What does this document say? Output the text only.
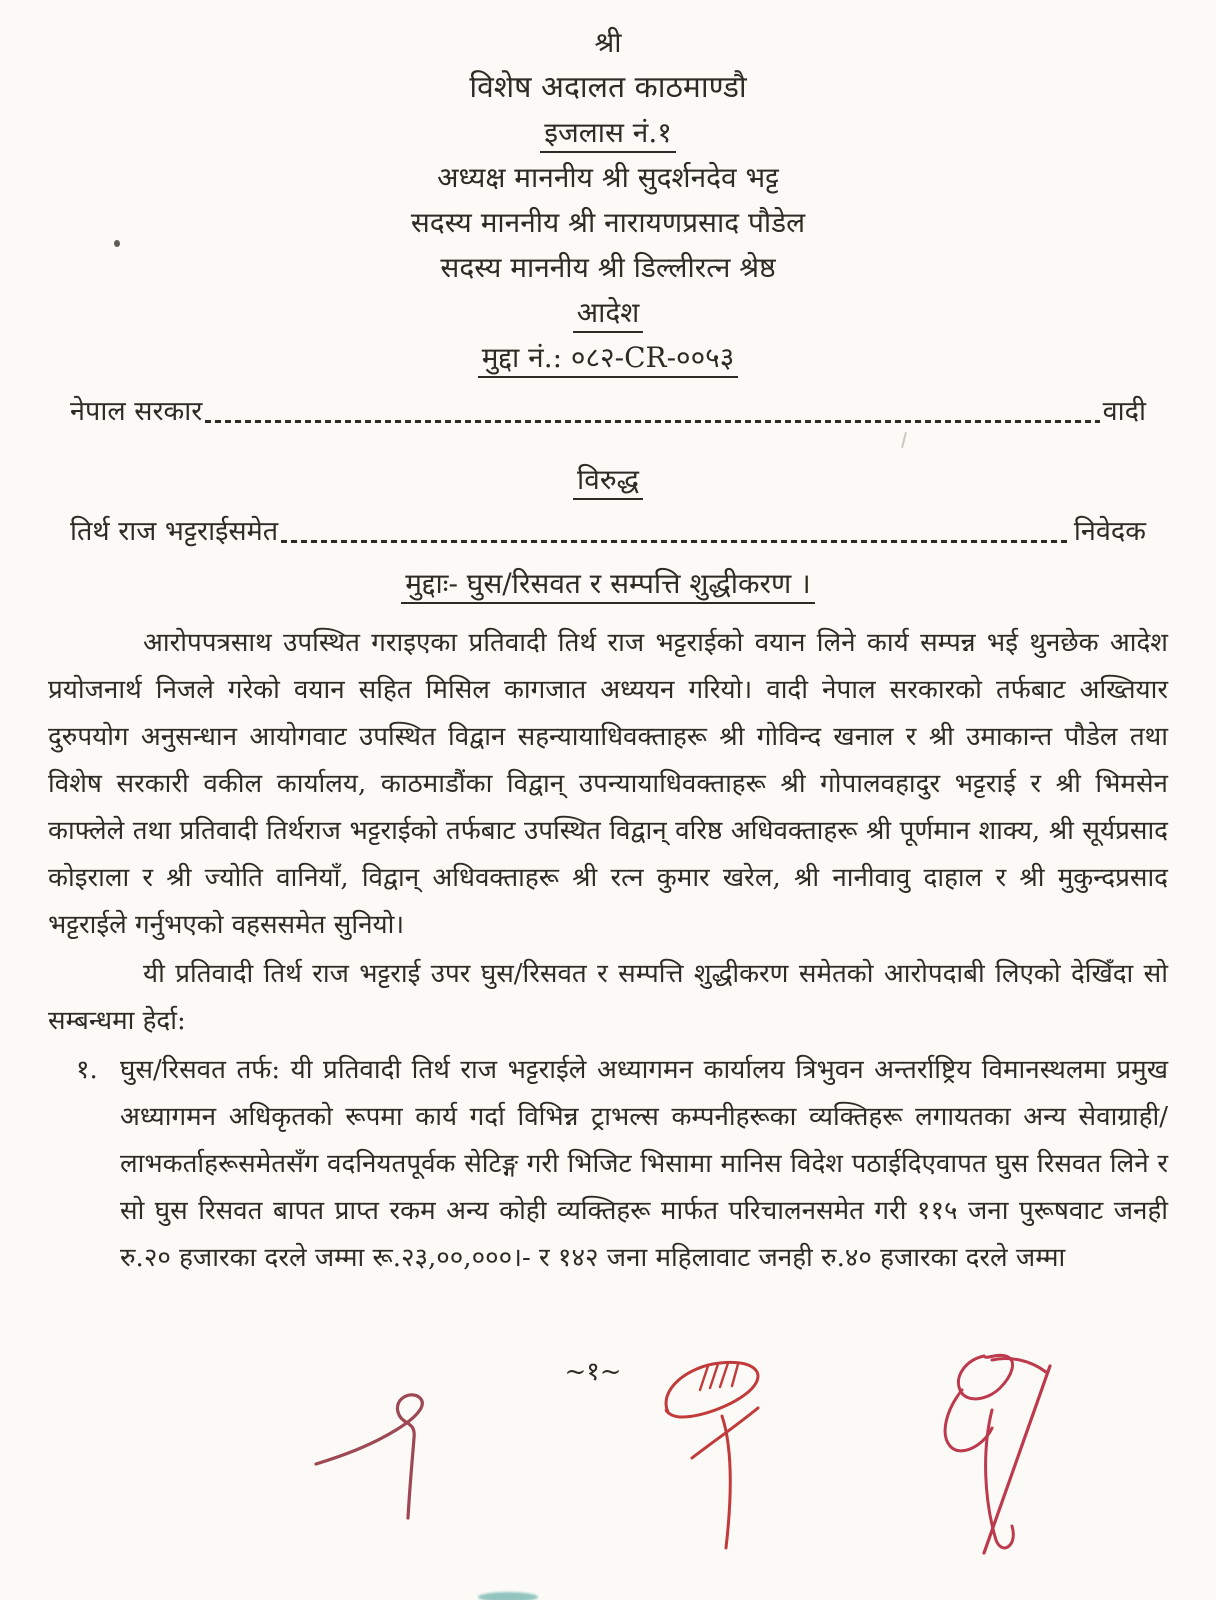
श्री
विशेष अदालत काठमाण्डौ
इजलास नं.१
अध्यक्ष माननीय श्री सुदर्शनदेव भट्ट
सदस्य माननीय श्री नारायणप्रसाद पौडेल
सदस्य माननीय श्री डिल्लीरत्न श्रेष्ठ
आदेश
मुद्दा नं.: ०८२-CR-००५३
नेपाल सरकार	वादी
विरुद्ध
तिर्थ राज भट्टराईसमेत	निवेदक
मुद्दाः- घुस/रिसवत र सम्पत्ति शुद्धीकरण ।

आरोपपत्रसाथ उपस्थित गराइएका प्रतिवादी तिर्थ राज भट्टराईको वयान लिने कार्य सम्पन्न भई थुनछेक आदेश प्रयोजनार्थ निजले गरेको वयान सहित मिसिल कागजात अध्ययन गरियो। वादी नेपाल सरकारको तर्फबाट अख्तियार दुरुपयोग अनुसन्धान आयोगवाट उपस्थित विद्वान सहन्यायाधिवक्ताहरू श्री गोविन्द खनाल र श्री उमाकान्त पौडेल तथा विशेष सरकारी वकील कार्यालय, काठमाडौंका विद्वान् उपन्यायाधिवक्ताहरू श्री गोपालवहादुर भट्टराई र श्री भिमसेन काफ्लेले तथा प्रतिवादी तिर्थराज भट्टराईको तर्फबाट उपस्थित विद्वान् वरिष्ठ अधिवक्ताहरू श्री पूर्णमान शाक्य, श्री सूर्यप्रसाद कोइराला र श्री ज्योति वानियाँ, विद्वान् अधिवक्ताहरू श्री रत्न कुमार खरेल, श्री नानीवावु दाहाल र श्री मुकुन्दप्रसाद भट्टराईले गर्नुभएको वहससमेत सुनियो।

यी प्रतिवादी तिर्थ राज भट्टराई उपर घुस/रिसवत र सम्पत्ति शुद्धीकरण समेतको आरोपदाबी लिएको देखिँदा सो सम्बन्धमा हेर्दा:

१. घुस/रिसवत तर्फ: यी प्रतिवादी तिर्थ राज भट्टराईले अध्यागमन कार्यालय त्रिभुवन अन्तर्राष्ट्रिय विमानस्थलमा प्रमुख अध्यागमन अधिकृतको रूपमा कार्य गर्दा विभिन्न ट्राभल्स कम्पनीहरूका व्यक्तिहरू लगायतका अन्य सेवाग्राही/लाभकर्ताहरूसमेतसँग वदनियतपूर्वक सेटिङ्ग गरी भिजिट भिसामा मानिस विदेश पठाईदिएवापत घुस रिसवत लिने र सो घुस रिसवत बापत प्राप्त रकम अन्य कोही व्यक्तिहरू मार्फत परिचालनसमेत गरी ११५ जना पुरूषवाट जनही रु.२० हजारका दरले जम्मा रू.२३,००,०००।- र १४२ जना महिलावाट जनही रु.४० हजारका दरले जम्मा
~१~
